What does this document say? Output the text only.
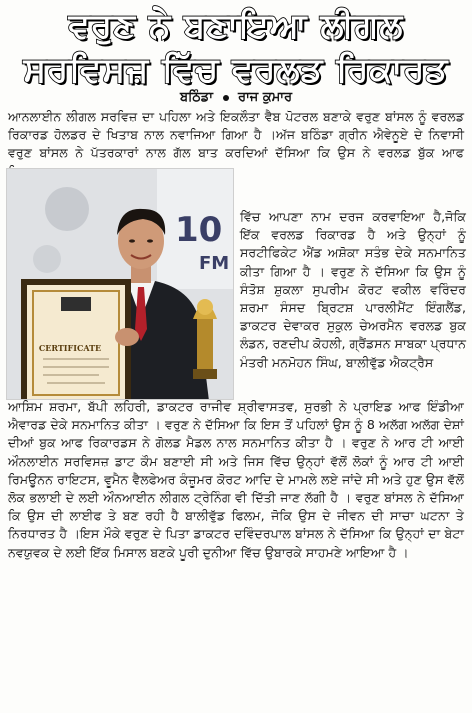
ਵਰੁਣ ਨੇ ਬਣਾਇਆ ਲੀਗਲ
ਸਰਵਿਸਜ਼ ਵਿੱਚ ਵਰਲਡ ਰਿਕਾਰਡ
ਬਠਿੰਡਾ ਰਾਜ ਕੁਮਾਰ

ਆਨਲਾਈਨ ਲੀਗਲ ਸਰਵਿਜ਼ ਦਾ ਪਹਿਲਾ ਅਤੇ ਇਕਲੌਤਾ ਵੈਬ ਪੋਟਰਲ ਬਣਾਕੇ ਵਰੁਣ ਬਾਂਸਲ ਨੂੰ ਵਰਲਡ ਰਿਕਾਰਡ ਹੋਲਡਰ ਦੇ ਖਿਤਾਬ ਨਾਲ ਨਵਾਜਿਆ ਗਿਆ ਹੈ ।ਅੱਜ ਬਠਿੰਡਾ ਗ੍ਰੀਨ ਐਵੇਨੂਏ ਦੇ ਨਿਵਾਸੀ ਵਰੁਣ ਬਾਂਸਲ ਨੇ ਪੱਤਰਕਾਰਾਂ ਨਾਲ ਗੱਲ ਬਾਤ ਕਰਦਿਆਂ ਦੱਸਿਆ ਕਿ ਉਸ ਨੇ ਵਰਲਡ ਬੁੱਕ ਆਫ

10
FM
CERTIFICATE

ਵਿੱਚ ਆਪਣਾ ਨਾਮ ਦਰਜ ਕਰਵਾਇਆ ਹੈ,ਜੋਕਿ ਇੱਕ ਵਰਲਡ ਰਿਕਾਰਡ ਹੈ ਅਤੇ ਉਨ੍ਹਾਂ ਨੂੰ ਸਰਟੀਫਿਕੇਟ ਐਂਡ ਅਸ਼ੋਕਾ ਸਤੰਭ ਦੇਕੇ ਸਨਮਾਨਿਤ ਕੀਤਾ ਗਿਆ ਹੈ । ਵਰੁਣ ਨੇ ਦੱਸਿਆ ਕਿ ਉਸ ਨੂੰ ਸੰਤੋਸ਼ ਸ਼ੁਕਲਾ ਸੁਪਰੀਮ ਕੋਰਟ ਵਕੀਲ ਵਰਿੰਦਰ ਸ਼ਰਮਾ ਸੰਸਦ ਬ੍ਰਿਟਸ਼ ਪਾਰਲੀਮੈਂਟ ਇੰਗਲੈਂਡ, ਡਾਕਟਰ ਦੇਵਾਕਰ ਸੁਕੁਲ ਚੇਅਰਮੈਨ ਵਰਲਡ ਬੁਕ ਲੰਡਨ, ਰਣਦੀਪ ਕੋਹਲੀ, ਗ੍ਰੈਂਡਸਨ ਸਾਬਕਾ ਪ੍ਰਧਾਨ ਮੰਤਰੀ ਮਨਮੋਹਨ ਸਿੰਘ, ਬਾਲੀਵੁੱਡ ਐਕਟ੍ਰੈਸ

ਆਸ਼ਿਮ ਸ਼ਰਮਾ, ਬੱਪੀ ਲਹਿਰੀ, ਡਾਕਟਰ ਰਾਜੀਵ ਸ਼੍ਰੀਵਾਸਤਵ, ਸੁਰਭੀ ਨੇ ਪ੍ਰਾਇਡ ਆਫ ਇੰਡੀਆ ਐਵਾਰਡ ਦੇਕੇ ਸਨਮਾਨਿਤ ਕੀਤਾ । ਵਰੁਣ ਨੇ ਦੱਸਿਆ ਕਿ ਇਸ ਤੋਂ ਪਹਿਲਾਂ ਉਸ ਨੂੰ 8 ਅਲੱਗ ਅਲੱਗ ਦੇਸ਼ਾਂ ਦੀਆਂ ਬੁਕ ਆਫ ਰਿਕਾਰਡਸ ਨੇ ਗੋਲਡ ਮੈਡਲ ਨਾਲ ਸਨਮਾਨਿਤ ਕੀਤਾ ਹੈ । ਵਰੁਣ ਨੇ ਆਰ ਟੀ ਆਈ ਔਨਲਾਈਨ ਸਰਵਿਸਜ਼ ਡਾਟ ਕੌਮ ਬਣਾਈ ਸੀ ਅਤੇ ਜਿਸ ਵਿੱਚ ਉਨ੍ਹਾਂ ਵੱਲੋਂ ਲੋਕਾਂ ਨੂੰ ਆਰ ਟੀ ਆਈ ਰਿਮਊਨਨ ਰਾਇਟਸ, ਵੂਮੈਨ ਵੈਲਫੇਅਰ ਕੰਜ਼ੂਮਰ ਕੋਰਟ ਆਦਿ ਦੇ ਮਾਮਲੇ ਲਏ ਜਾਂਦੇ ਸੀ ਅਤੇ ਹੁਣ ਉਸ ਵੱਲੋਂ ਲੋਕ ਭਲਾਈ ਦੇ ਲਈ ਔਨਆਈਨ ਲੀਗਲ ਟ੍ਰੇਨਿੰਗ ਵੀ ਦਿੱਤੀ ਜਾਣ ਲੱਗੀ ਹੈ । ਵਰੁਣ ਬਾਂਸਲ ਨੇ ਦੱਸਿਆ ਕਿ ਉਸ ਦੀ ਲਾਈਫ ਤੇ ਬਣ ਰਹੀ ਹੈ ਬਾਲੀਵੁੱਡ ਫਿਲਮ, ਜੋਕਿ ਉਸ ਦੇ ਜੀਵਨ ਦੀ ਸਾਚਾ ਘਟਨਾ ਤੇ ਨਿਰਧਾਰਤ ਹੈ ।ਇਸ ਮੌਕੇ ਵਰੁਣ ਦੇ ਪਿਤਾ ਡਾਕਟਰ ਦਵਿੰਦਰਪਾਲ ਬਾਂਸਲ ਨੇ ਦੱਸਿਆ ਕਿ ਉਨ੍ਹਾਂ ਦਾ ਬੇਟਾ ਨਵਯੁਵਕ ਦੇ ਲਈ ਇੱਕ ਮਿਸਾਲ ਬਣਕੇ ਪੂਰੀ ਦੁਨੀਆ ਵਿੱਚ ਉਬਾਰਕੇ ਸਾਹਮਣੇ ਆਇਆ ਹੈ ।
